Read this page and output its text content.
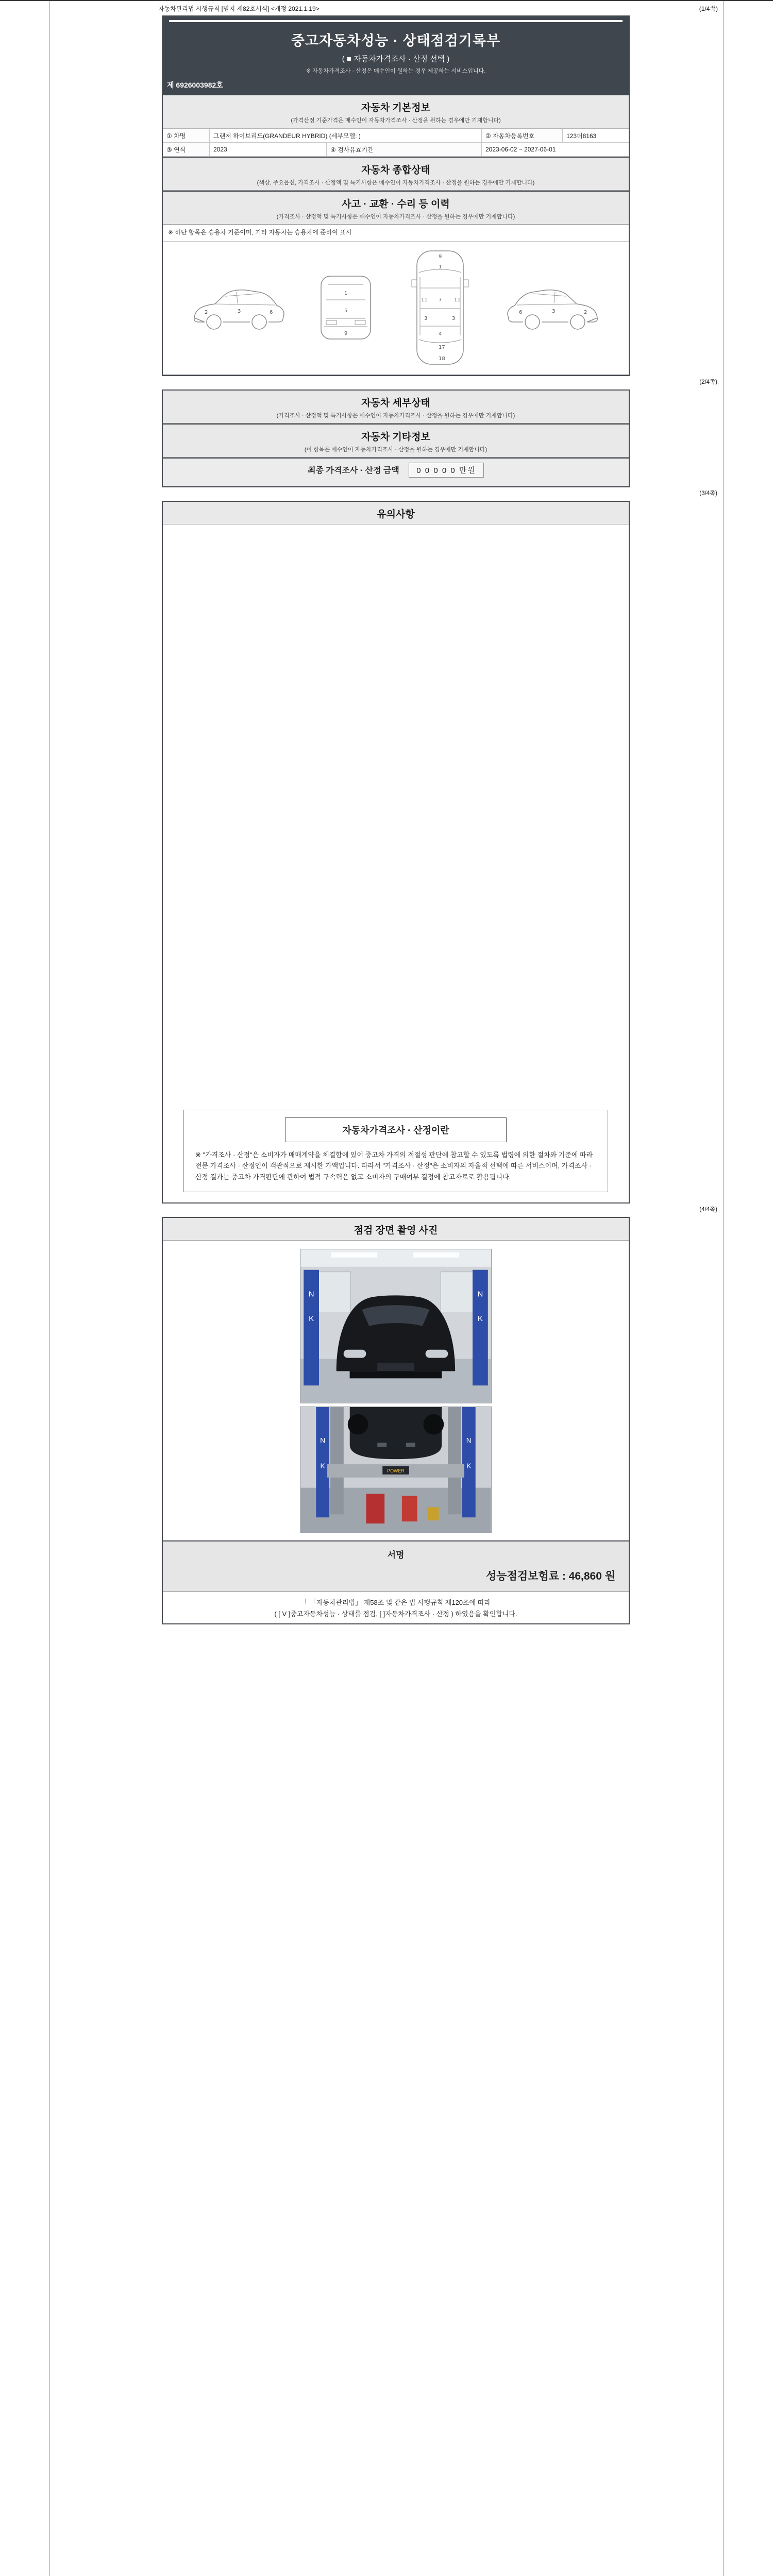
자동차관리법 시행규칙 [별지 제82호서식] <개정 2021.1.19>	(1/4쪽)
중고자동차성능 · 상태점검기록부
( ■ 자동차가격조사 · 산정 선택 )
※ 자동차가격조사 · 산정은 매수인이 원하는 경우 제공하는 서비스입니다.
제 6926003982호
자동차 기본정보
(가격산정 기준가격은 매수인이 자동차가격조사 · 산정을 원하는 경우에만 기재합니다)
① 차명	그랜저 하이브리드(GRANDEUR HYBRID) (세부모델: )	② 자동차등록번호	123더8163
③ 연식	2023	④ 검사유효기간	2023-06-02 ~ 2027-06-01
자동차 종합상태
(색상, 주요옵션, 가격조사 · 산정액 및 특기사항은 매수인이 자동차가격조사 · 산정을 원하는 경우에만 기재합니다)
사고 · 교환 · 수리 등 이력
(가격조사 · 산정액 및 특기사항은 매수인이 자동차가격조사 · 산정을 원하는 경우에만 기재합니다)
※ 하단 항목은 승용차 기준이며, 기타 자동차는 승용차에 준하여 표시
2	3	6
1
5
9
9
1
7
11	11
4
17
18
3	3
2
3
6
(2/4쪽)
자동차 세부상태
(가격조사 · 산정액 및 특기사항은 매수인이 자동차가격조사 · 산정을 원하는 경우에만 기재합니다)
자동차 기타정보
(이 항목은 매수인이 자동차가격조사 · 산정을 원하는 경우에만 기재합니다)
최종 가격조사 · 산정 금액 0 0 0 0 0 만원
(3/4쪽)
유의사항
자동차가격조사 · 산정이란
※ "가격조사 · 산정"은 소비자가 매매계약을 체결함에 있어 중고차 가격의 적절성 판단에 참고할 수 있도록 법령에 의한 절차와 기준에 따라 전문 가격조사 · 산정인이 객관적으로 제시한 가액입니다. 따라서 "가격조사 · 산정"은 소비자의 자율적 선택에 따른 서비스이며, 가격조사 · 산정 결과는 중고차 가격판단에 관하여 법적 구속력은 없고 소비자의 구매여부 결정에 참고자료로 활용됩니다.
(4/4쪽)
점검 장면 촬영 사진
N
K
N
K
N
K
N
K
POWER
서명
성능점검보험료 : 46,860 원
「 「자동차관리법」 제58조 및 같은 법 시행규칙 제120조에 따라
( [ V ]중고자동차성능 · 상태를 점검, [ ]자동차가격조사 · 산정 ) 하였음을 확인합니다.
